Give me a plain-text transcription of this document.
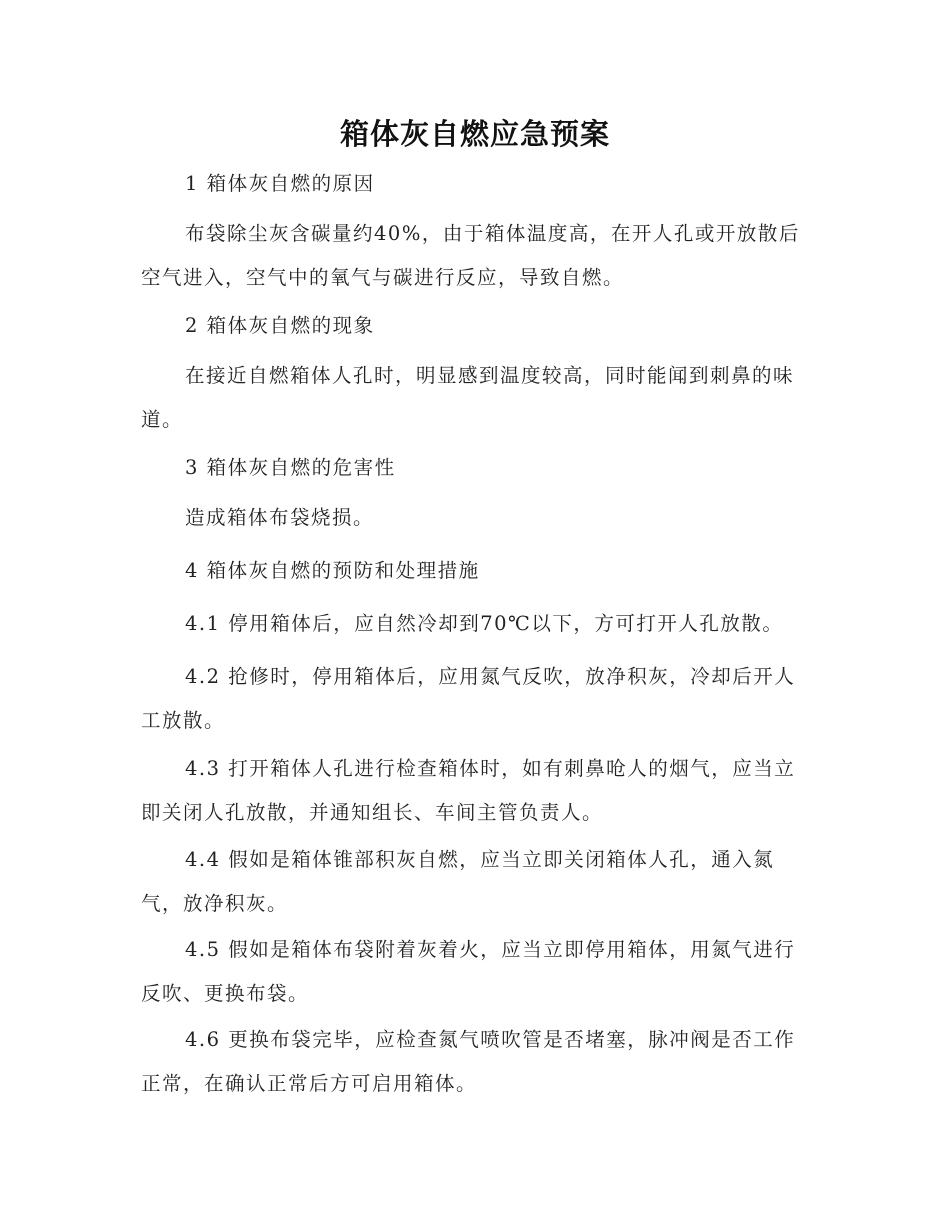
箱体灰自燃应急预案

1 箱体灰自燃的原因

布袋除尘灰含碳量约40%，由于箱体温度高，在开人孔或开放散后空气进入，空气中的氧气与碳进行反应，导致自燃。

2 箱体灰自燃的现象

在接近自燃箱体人孔时，明显感到温度较高，同时能闻到刺鼻的味道。

3 箱体灰自燃的危害性

造成箱体布袋烧损。

4 箱体灰自燃的预防和处理措施

4.1 停用箱体后，应自然冷却到70℃以下，方可打开人孔放散。

4.2 抢修时，停用箱体后，应用氮气反吹，放净积灰，冷却后开人工放散。

4.3 打开箱体人孔进行检查箱体时，如有刺鼻呛人的烟气，应当立即关闭人孔放散，并通知组长、车间主管负责人。

4.4 假如是箱体锥部积灰自燃，应当立即关闭箱体人孔，通入氮气，放净积灰。

4.5 假如是箱体布袋附着灰着火，应当立即停用箱体，用氮气进行反吹、更换布袋。

4.6 更换布袋完毕，应检查氮气喷吹管是否堵塞，脉冲阀是否工作正常，在确认正常后方可启用箱体。
